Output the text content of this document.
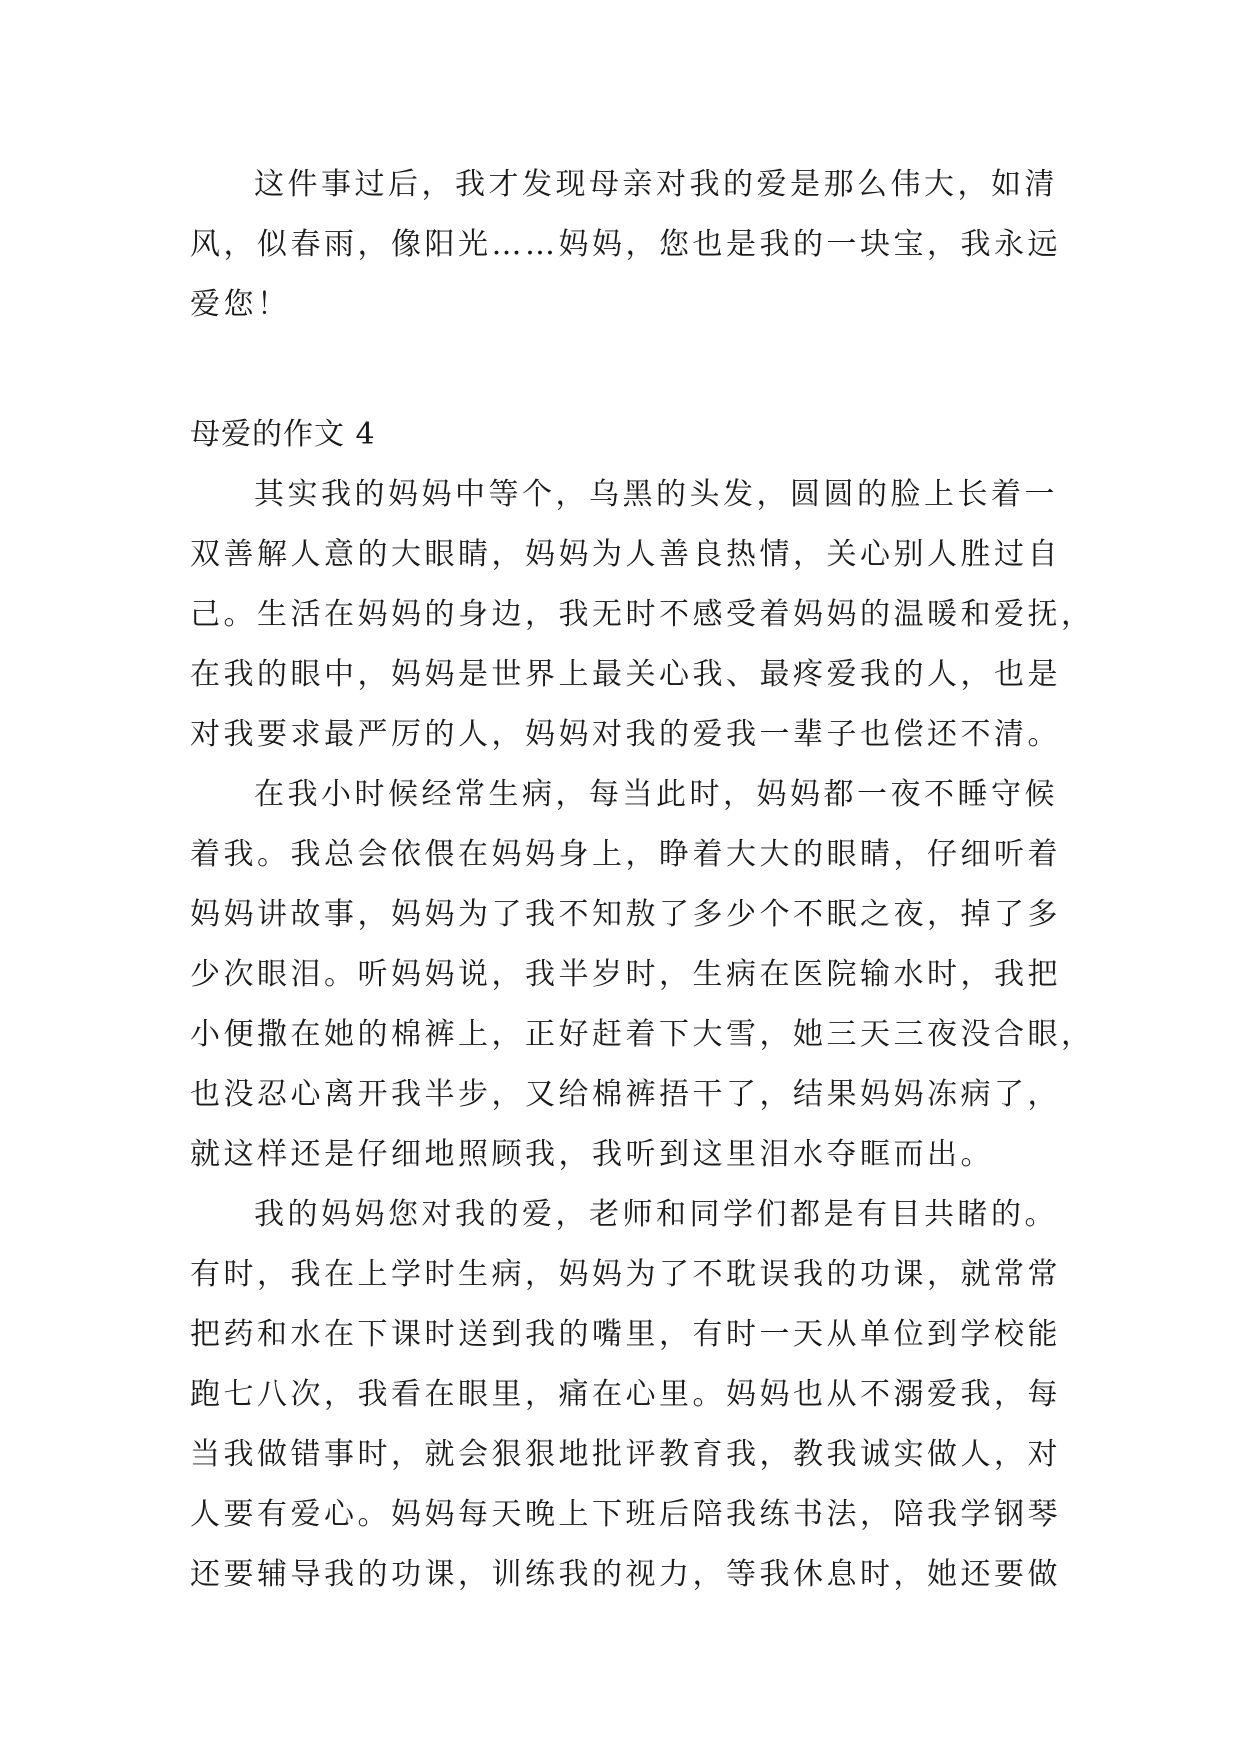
这件事过后，我才发现母亲对我的爱是那么伟大，如清
风，似春雨，像阳光……妈妈，您也是我的一块宝，我永远
爱您！
母爱的作文 4
其实我的妈妈中等个，乌黑的头发，圆圆的脸上长着一
双善解人意的大眼睛，妈妈为人善良热情，关心别人胜过自
己。生活在妈妈的身边，我无时不感受着妈妈的温暖和爱抚，
在我的眼中，妈妈是世界上最关心我、最疼爱我的人，也是
对我要求最严厉的人，妈妈对我的爱我一辈子也偿还不清。
在我小时候经常生病，每当此时，妈妈都一夜不睡守候
着我。我总会依偎在妈妈身上，睁着大大的眼睛，仔细听着
妈妈讲故事，妈妈为了我不知敖了多少个不眠之夜，掉了多
少次眼泪。听妈妈说，我半岁时，生病在医院输水时，我把
小便撒在她的棉裤上，正好赶着下大雪，她三天三夜没合眼，
也没忍心离开我半步，又给棉裤捂干了，结果妈妈冻病了，
就这样还是仔细地照顾我，我听到这里泪水夺眶而出。
我的妈妈您对我的爱，老师和同学们都是有目共睹的。
有时，我在上学时生病，妈妈为了不耽误我的功课，就常常
把药和水在下课时送到我的嘴里，有时一天从单位到学校能
跑七八次，我看在眼里，痛在心里。妈妈也从不溺爱我，每
当我做错事时，就会狠狠地批评教育我，教我诚实做人，对
人要有爱心。妈妈每天晚上下班后陪我练书法，陪我学钢琴
还要辅导我的功课，训练我的视力，等我休息时，她还要做
